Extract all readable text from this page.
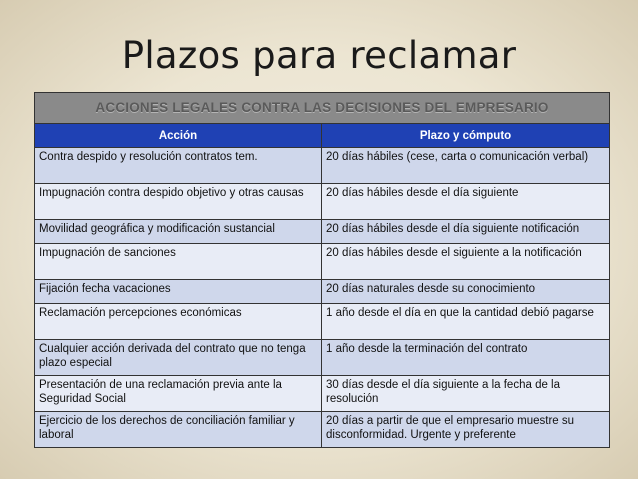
Plazos para reclamar
ACCIONES LEGALES CONTRA LAS DECISIONES DEL EMPRESARIO	
Acción	Plazo y cómputo
Contra despido y resolución contratos tem.	20 días hábiles (cese, carta o comunicación verbal)
Impugnación contra despido objetivo y otras causas	20 días hábiles desde el día siguiente
Movilidad geográfica y modificación sustancial	20 días hábiles desde el día siguiente notificación
Impugnación de sanciones	20 días hábiles desde el siguiente a la notificación
Fijación fecha vacaciones	20 días naturales desde su conocimiento
Reclamación percepciones económicas	1 año desde el día en que la cantidad debió pagarse
Cualquier acción derivada del contrato que no tenga plazo especial	1 año desde la terminación del contrato
Presentación de una reclamación previa ante la Seguridad Social	30 días desde el día siguiente a la fecha de la resolución
Ejercicio de los derechos de conciliación familiar y laboral	20 días a partir de que el empresario muestre su disconformidad. Urgente y preferente
